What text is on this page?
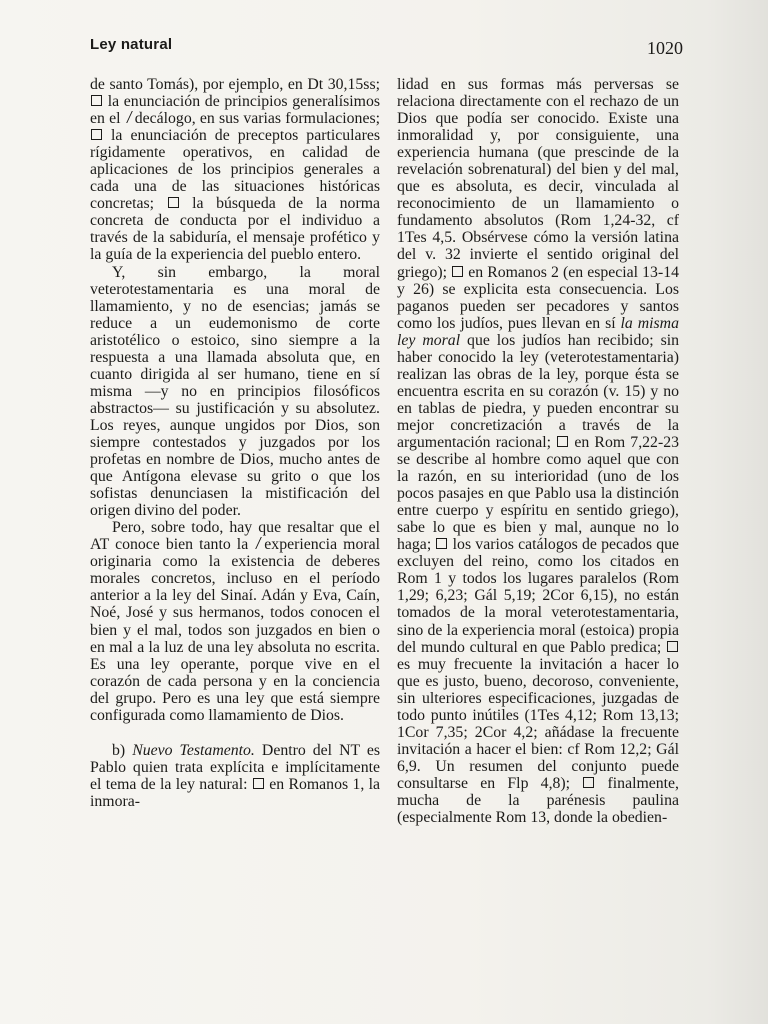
Ley natural	1020

de santo Tomás), por ejemplo, en Dt 30,15ss;  la enunciación de principios generalísimos en el decálogo, en sus varias formulaciones;  la enunciación de preceptos particulares rígidamente operativos, en calidad de aplicaciones de los principios generales a cada una de las situaciones históricas concretas; la búsqueda de la norma concreta de conducta por el individuo a través de la sabiduría, el mensaje profético y la guía de la experiencia del pueblo entero.

Y, sin embargo, la moral veterotestamentaria es una moral de llamamiento, y no de esencias; jamás se reduce a un eudemonismo de corte aristotélico o estoico, sino siempre a la respuesta a una llamada absoluta que, en cuanto dirigida al ser humano, tiene en sí misma —y no en principios filosóficos abstractos— su justificación y su absolutez. Los reyes, aunque ungidos por Dios, son siempre contestados y juzgados por los profetas en nombre de Dios, mucho antes de que Antígona elevase su grito o que los sofistas denunciasen la mistificación del origen divino del poder.

Pero, sobre todo, hay que resaltar que el AT conoce bien tanto la experiencia moral originaria como la existencia de deberes morales concretos, incluso en el período anterior a la ley del Sinaí. Adán y Eva, Caín, Noé, José y sus hermanos, todos conocen el bien y el mal, todos son juzgados en bien o en mal a la luz de una ley absoluta no escrita. Es una ley operante, porque vive en el corazón de cada persona y en la conciencia del grupo. Pero es una ley que está siempre configurada como llamamiento de Dios.

b) Nuevo Testamento. Dentro del NT es Pablo quien trata explícita e implícitamente el tema de la ley natural: en Romanos 1, la inmora-

lidad en sus formas más perversas se relaciona directamente con el rechazo de un Dios que podía ser conocido. Existe una inmoralidad y, por consiguiente, una experiencia humana (que prescinde de la revelación sobrenatural) del bien y del mal, que es absoluta, es decir, vinculada al reconocimiento de un llamamiento o fundamento absolutos (Rom 1,24-32, cf 1Tes 4,5. Obsérvese cómo la versión latina del v. 32 invierte el sentido original del griego); en Romanos 2 (en especial 13-14 y 26) se explicita esta consecuencia. Los paganos pueden ser pecadores y santos como los judíos, pues llevan en sí la misma ley moral que los judíos han recibido; sin haber conocido la ley (veterotestamentaria) realizan las obras de la ley, porque ésta se encuentra escrita en su corazón (v. 15) y no en tablas de piedra, y pueden encontrar su mejor concretización a través de la argumentación racional; en Rom 7,22-23 se describe al hombre como aquel que con la razón, en su interioridad (uno de los pocos pasajes en que Pablo usa la distinción entre cuerpo y espíritu en sentido griego), sabe lo que es bien y mal, aunque no lo haga; los varios catálogos de pecados que excluyen del reino, como los citados en Rom 1 y todos los lugares paralelos (Rom 1,29; 6,23; Gál 5,19; 2Cor 6,15), no están tomados de la moral veterotestamentaria, sino de la experiencia moral (estoica) propia del mundo cultural en que Pablo predica;  es muy frecuente la invitación a hacer lo que es justo, bueno, decoroso, conveniente, sin ulteriores especificaciones, juzgadas de todo punto inútiles (1Tes 4,12; Rom 13,13; 1Cor 7,35; 2Cor 4,2; añádase la frecuente invitación a hacer el bien: cf Rom 12,2; Gál 6,9. Un resumen del conjunto puede consultarse en Flp 4,8); finalmente, mucha de la parénesis paulina (especialmente Rom 13, donde la obedien-
